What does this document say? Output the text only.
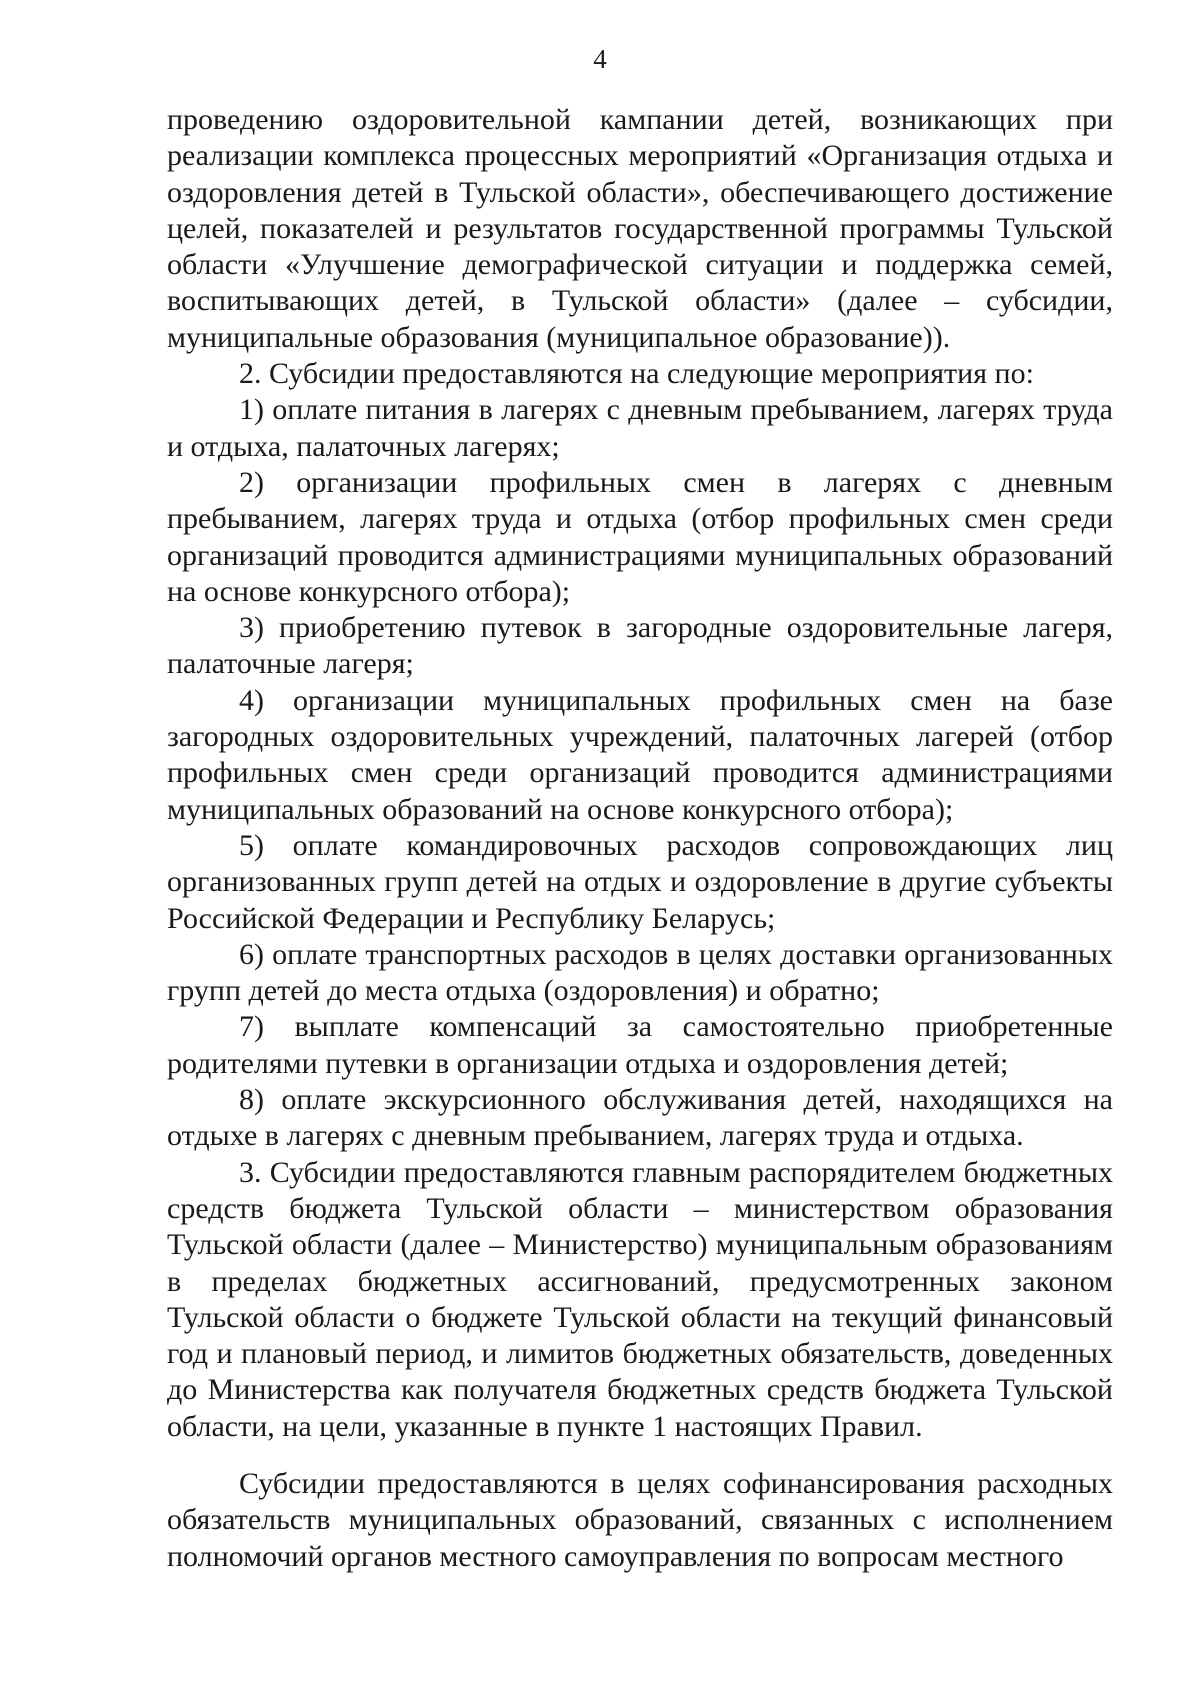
4

проведению оздоровительной кампании детей, возникающих при реализации комплекса процессных мероприятий «Организация отдыха и оздоровления детей в Тульской области», обеспечивающего достижение целей, показателей и результатов государственной программы Тульской области «Улучшение демографической ситуации и поддержка семей, воспитывающих детей, в Тульской области» (далее – субсидии, муниципальные образования (муниципальное образование)).

2. Субсидии предоставляются на следующие мероприятия по:

1) оплате питания в лагерях с дневным пребыванием, лагерях труда и отдыха, палаточных лагерях;

2) организации профильных смен в лагерях с дневным пребыванием, лагерях труда и отдыха (отбор профильных смен среди организаций проводится администрациями муниципальных образований на основе конкурсного отбора);

3) приобретению путевок в загородные оздоровительные лагеря, палаточные лагеря;

4) организации муниципальных профильных смен на базе загородных оздоровительных учреждений, палаточных лагерей (отбор профильных смен среди организаций проводится администрациями муниципальных образований на основе конкурсного отбора);

5) оплате командировочных расходов сопровождающих лиц организованных групп детей на отдых и оздоровление в другие субъекты Российской Федерации и Республику Беларусь;

6) оплате транспортных расходов в целях доставки организованных групп детей до места отдыха (оздоровления) и обратно;

7) выплате компенсаций за самостоятельно приобретенные родителями путевки в организации отдыха и оздоровления детей;

8) оплате экскурсионного обслуживания детей, находящихся на отдыхе в лагерях с дневным пребыванием, лагерях труда и отдыха.

3. Субсидии предоставляются главным распорядителем бюджетных средств бюджета Тульской области – министерством образования Тульской области (далее – Министерство) муниципальным образованиям в пределах бюджетных ассигнований, предусмотренных законом Тульской области о бюджете Тульской области на текущий финансовый год и плановый период, и лимитов бюджетных обязательств, доведенных до Министерства как получателя бюджетных средств бюджета Тульской области, на цели, указанные в пункте 1 настоящих Правил.

Субсидии предоставляются в целях софинансирования расходных обязательств муниципальных образований, связанных с исполнением полномочий органов местного самоуправления по вопросам местного
